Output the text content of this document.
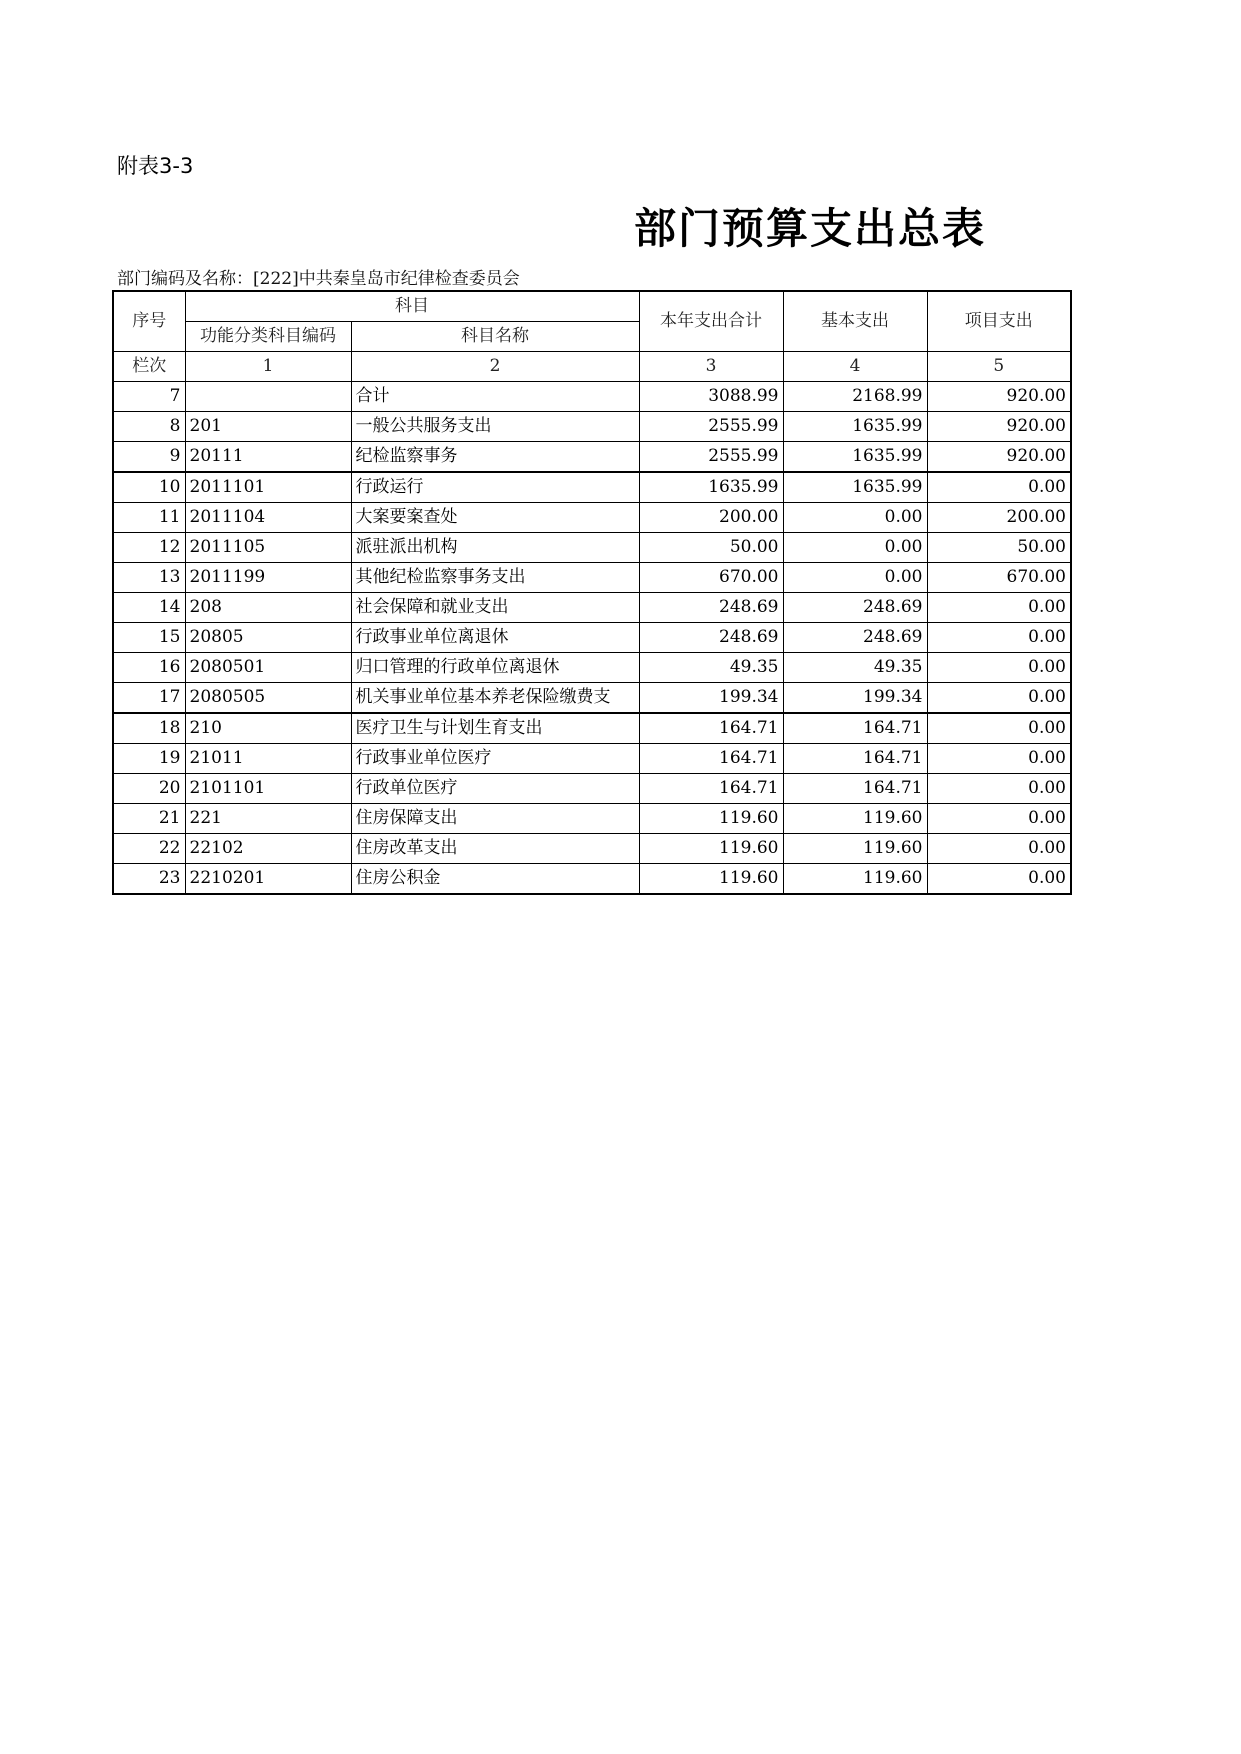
附表3-3
部门预算支出总表
部门编码及名称：[222]中共秦皇岛市纪律检查委员会
序号	科目		本年支出合计	基本支出	项目支出
	功能分类科目编码	科目名称			
栏次	1	2	3	4	5
7		合计	3088.99	2168.99	920.00
8	201	一般公共服务支出	2555.99	1635.99	920.00
9	20111	纪检监察事务	2555.99	1635.99	920.00
10	2011101	行政运行	1635.99	1635.99	0.00
11	2011104	大案要案查处	200.00	0.00	200.00
12	2011105	派驻派出机构	50.00	0.00	50.00
13	2011199	其他纪检监察事务支出	670.00	0.00	670.00
14	208	社会保障和就业支出	248.69	248.69	0.00
15	20805	行政事业单位离退休	248.69	248.69	0.00
16	2080501	归口管理的行政单位离退休	49.35	49.35	0.00
17	2080505	机关事业单位基本养老保险缴费支	199.34	199.34	0.00
18	210	医疗卫生与计划生育支出	164.71	164.71	0.00
19	21011	行政事业单位医疗	164.71	164.71	0.00
20	2101101	行政单位医疗	164.71	164.71	0.00
21	221	住房保障支出	119.60	119.60	0.00
22	22102	住房改革支出	119.60	119.60	0.00
23	2210201	住房公积金	119.60	119.60	0.00
